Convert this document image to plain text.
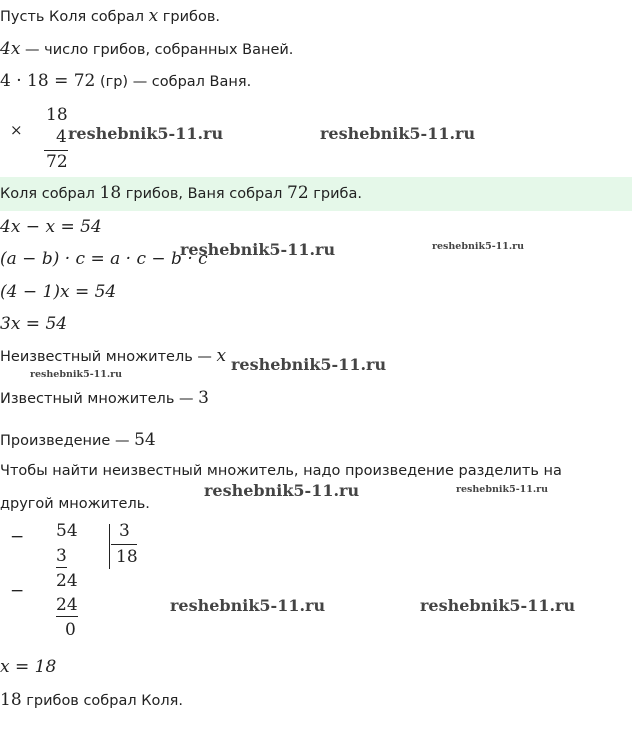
Пусть Коля собрал x грибов.
4x — число грибов, собранных Ваней.
4 · 18 = 72 (гр) — собрал Ваня.
×
18
4
72
reshebnik5-11.ru	reshebnik5-11.ru
Коля собрал 18 грибов, Ваня собрал 72 гриба.
4x − x = 54
(a − b) · c = a · c − b · c
reshebnik5-11.ru	reshebnik5-11.ru
(4 − 1)x = 54
3x = 54
Неизвестный множитель — x reshebnik5-11.ru
reshebnik5-11.ru
Известный множитель — 3
Произведение — 54
Чтобы найти неизвестный множитель, надо произведение разделить на
reshebnik5-11.ru	reshebnik5-11.ru
другой множитель.
− 54
3
3
18
24
−
24
0
reshebnik5-11.ru	reshebnik5-11.ru
x = 18
18 грибов собрал Коля.
